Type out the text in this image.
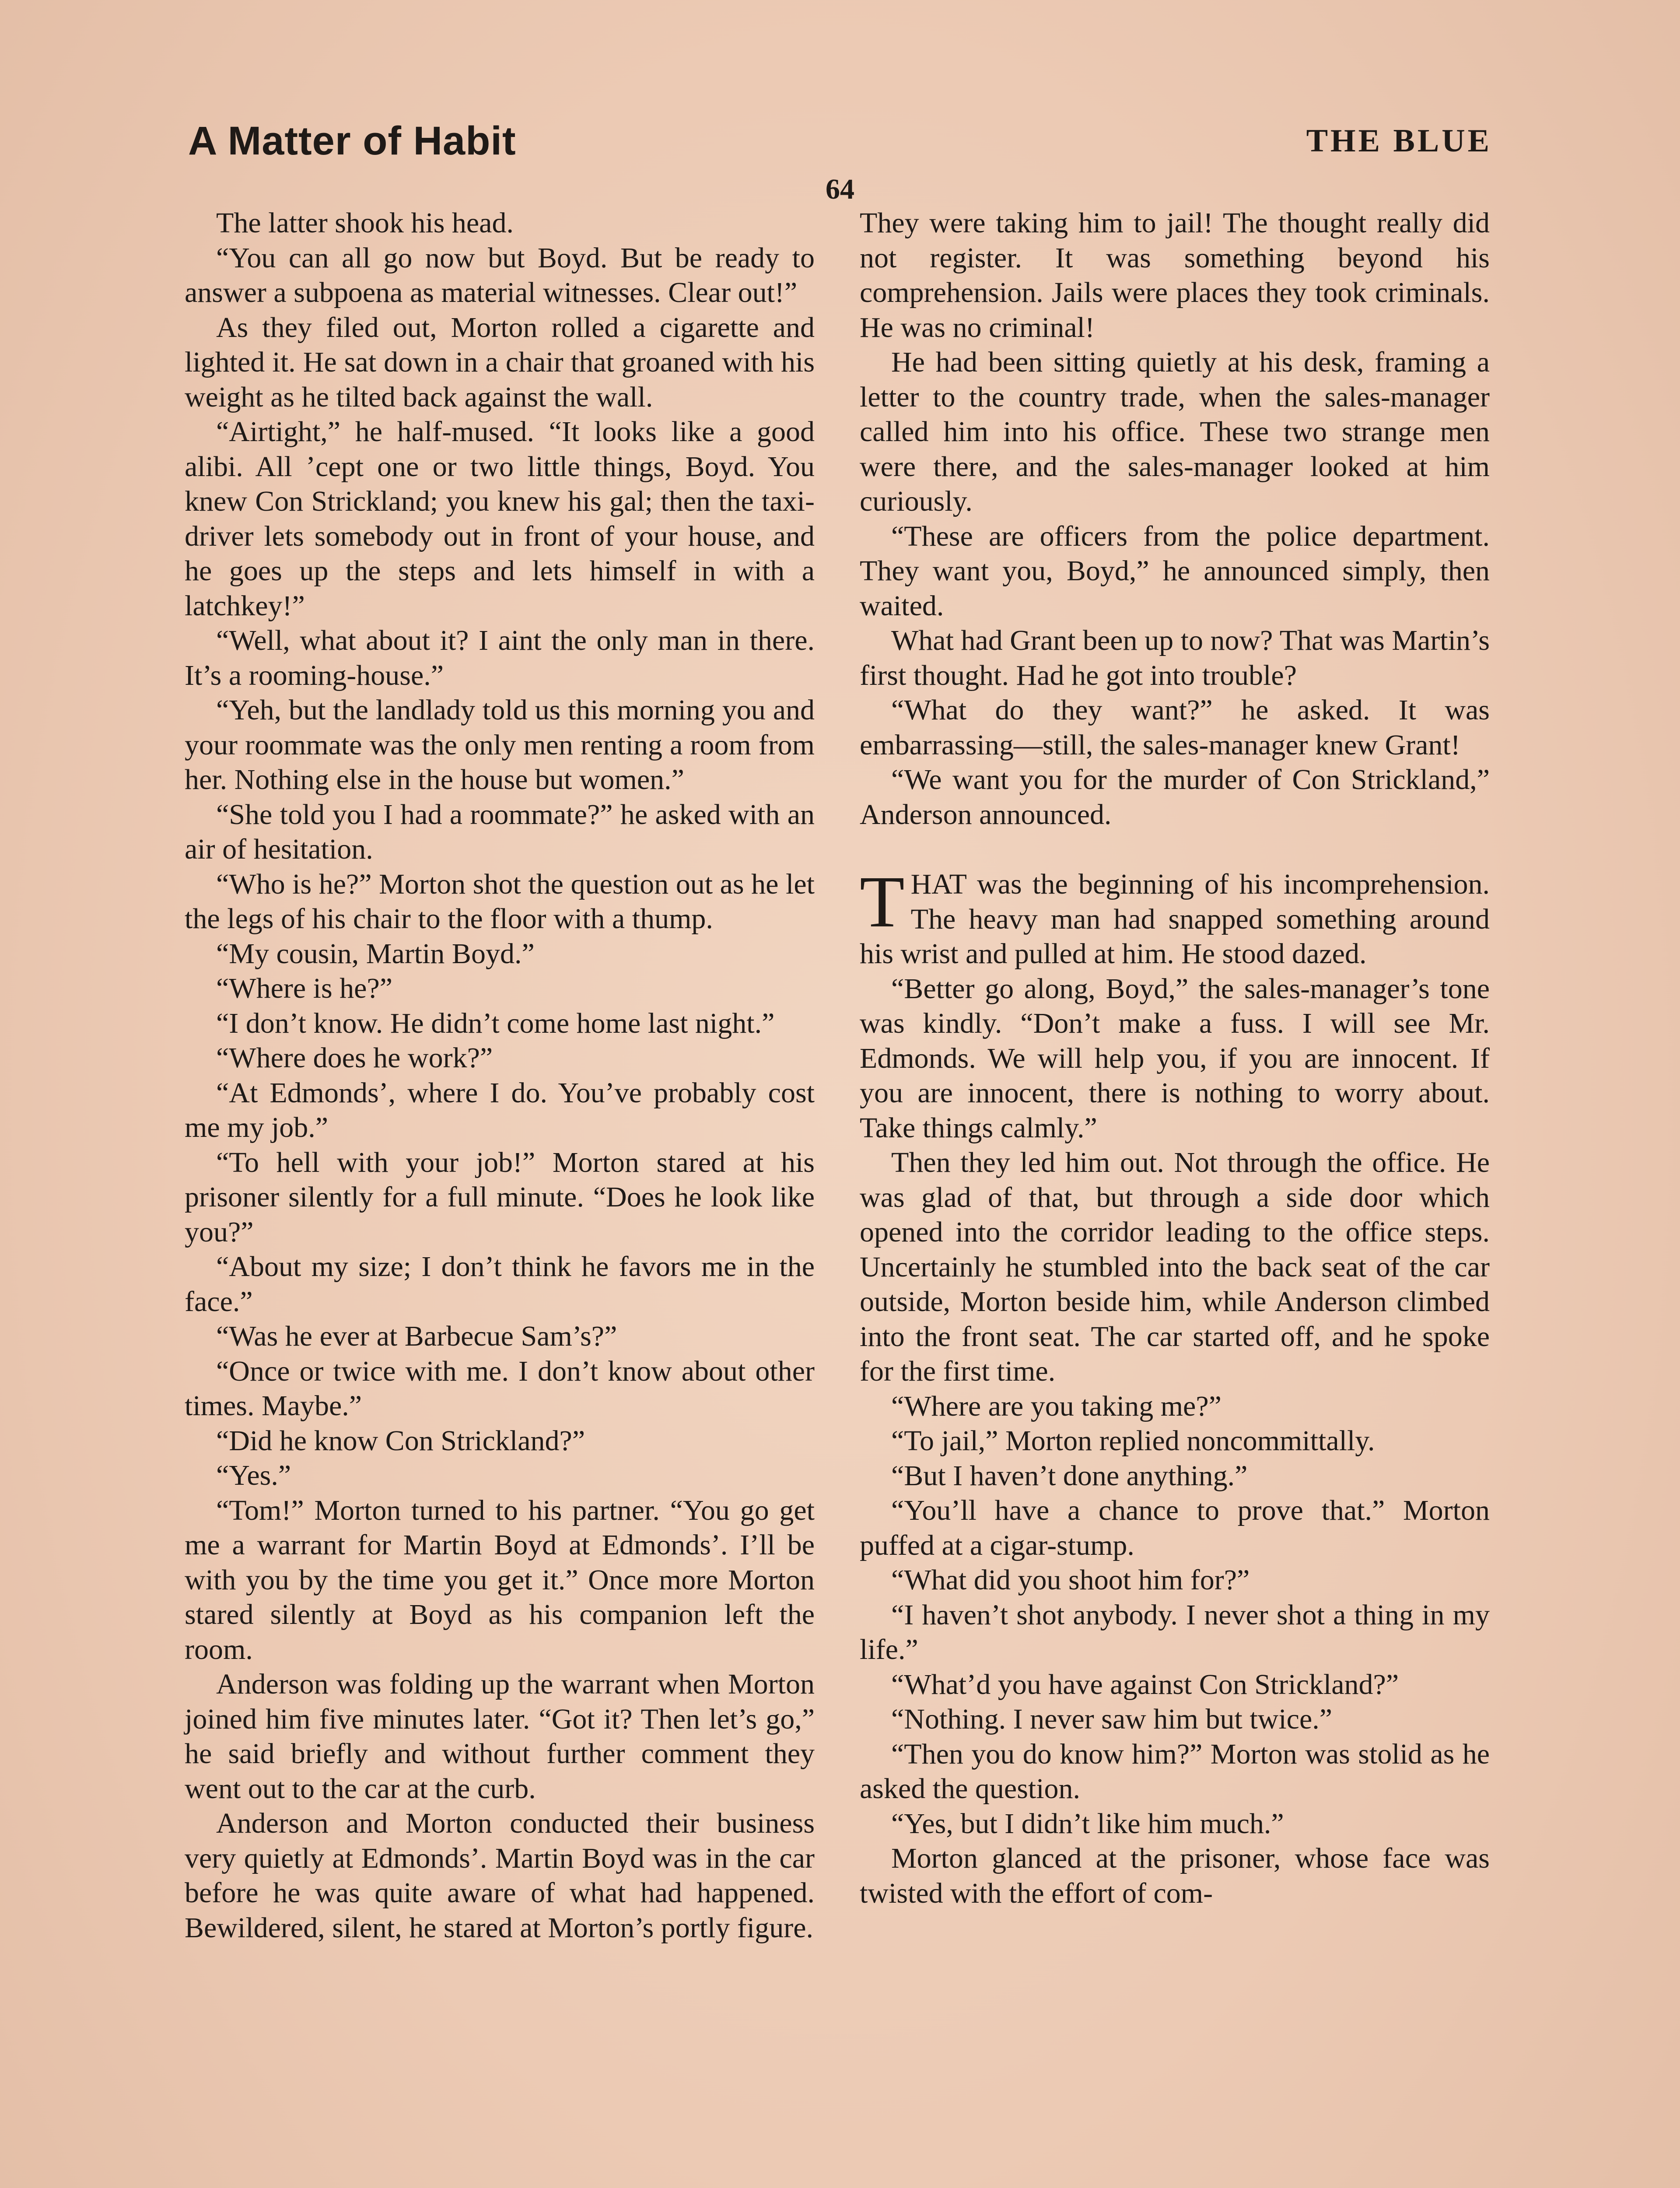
A Matter of Habit	THE BLUE
64

The latter shook his head.

“You can all go now but Boyd. But be ready to answer a subpoena as material witnesses. Clear out!”

As they filed out, Morton rolled a cigarette and lighted it. He sat down in a chair that groaned with his weight as he tilted back against the wall.

“Airtight,” he half-mused. “It looks like a good alibi. All ’cept one or two little things, Boyd. You knew Con Strickland; you knew his gal; then the taxi-driver lets somebody out in front of your house, and he goes up the steps and lets himself in with a latchkey!”

“Well, what about it? I aint the only man in there. It’s a rooming-house.”

“Yeh, but the landlady told us this morning you and your roommate was the only men renting a room from her. Nothing else in the house but women.”

“She told you I had a roommate?” he asked with an air of hesitation.

“Who is he?” Morton shot the question out as he let the legs of his chair to the floor with a thump.

“My cousin, Martin Boyd.”

“Where is he?”

“I don’t know. He didn’t come home last night.”

“Where does he work?”

“At Edmonds’, where I do. You’ve probably cost me my job.”

“To hell with your job!” Morton stared at his prisoner silently for a full minute. “Does he look like you?”

“About my size; I don’t think he favors me in the face.”

“Was he ever at Barbecue Sam’s?”

“Once or twice with me. I don’t know about other times. Maybe.”

“Did he know Con Strickland?”

“Yes.”

“Tom!” Morton turned to his partner. “You go get me a warrant for Martin Boyd at Edmonds’. I’ll be with you by the time you get it.” Once more Morton stared silently at Boyd as his companion left the room.

Anderson was folding up the warrant when Morton joined him five minutes later. “Got it? Then let’s go,” he said briefly and without further comment they went out to the car at the curb.

Anderson and Morton conducted their business very quietly at Edmonds’. Martin Boyd was in the car before he was quite aware of what had happened. Bewildered, silent, he stared at Morton’s portly figure.

They were taking him to jail! The thought really did not register. It was something beyond his comprehension. Jails were places they took criminals. He was no criminal!

He had been sitting quietly at his desk, framing a letter to the country trade, when the sales-manager called him into his office. These two strange men were there, and the sales-manager looked at him curiously.

“These are officers from the police department. They want you, Boyd,” he announced simply, then waited.

What had Grant been up to now? That was Martin’s first thought. Had he got into trouble?

“What do they want?” he asked. It was embarrassing—still, the sales-manager knew Grant!

“We want you for the murder of Con Strickland,” Anderson announced.

THAT was the beginning of his incomprehension. The heavy man had snapped something around his wrist and pulled at him. He stood dazed.

“Better go along, Boyd,” the sales-manager’s tone was kindly. “Don’t make a fuss. I will see Mr. Edmonds. We will help you, if you are innocent. If you are innocent, there is nothing to worry about. Take things calmly.”

Then they led him out. Not through the office. He was glad of that, but through a side door which opened into the corridor leading to the office steps. Uncertainly he stumbled into the back seat of the car outside, Morton beside him, while Anderson climbed into the front seat. The car started off, and he spoke for the first time.

“Where are you taking me?”

“To jail,” Morton replied noncommittally.

“But I haven’t done anything.”

“You’ll have a chance to prove that.” Morton puffed at a cigar-stump.

“What did you shoot him for?”

“I haven’t shot anybody. I never shot a thing in my life.”

“What’d you have against Con Strickland?”

“Nothing. I never saw him but twice.”

“Then you do know him?” Morton was stolid as he asked the question.

“Yes, but I didn’t like him much.”

Morton glanced at the prisoner, whose face was twisted with the effort of com-
